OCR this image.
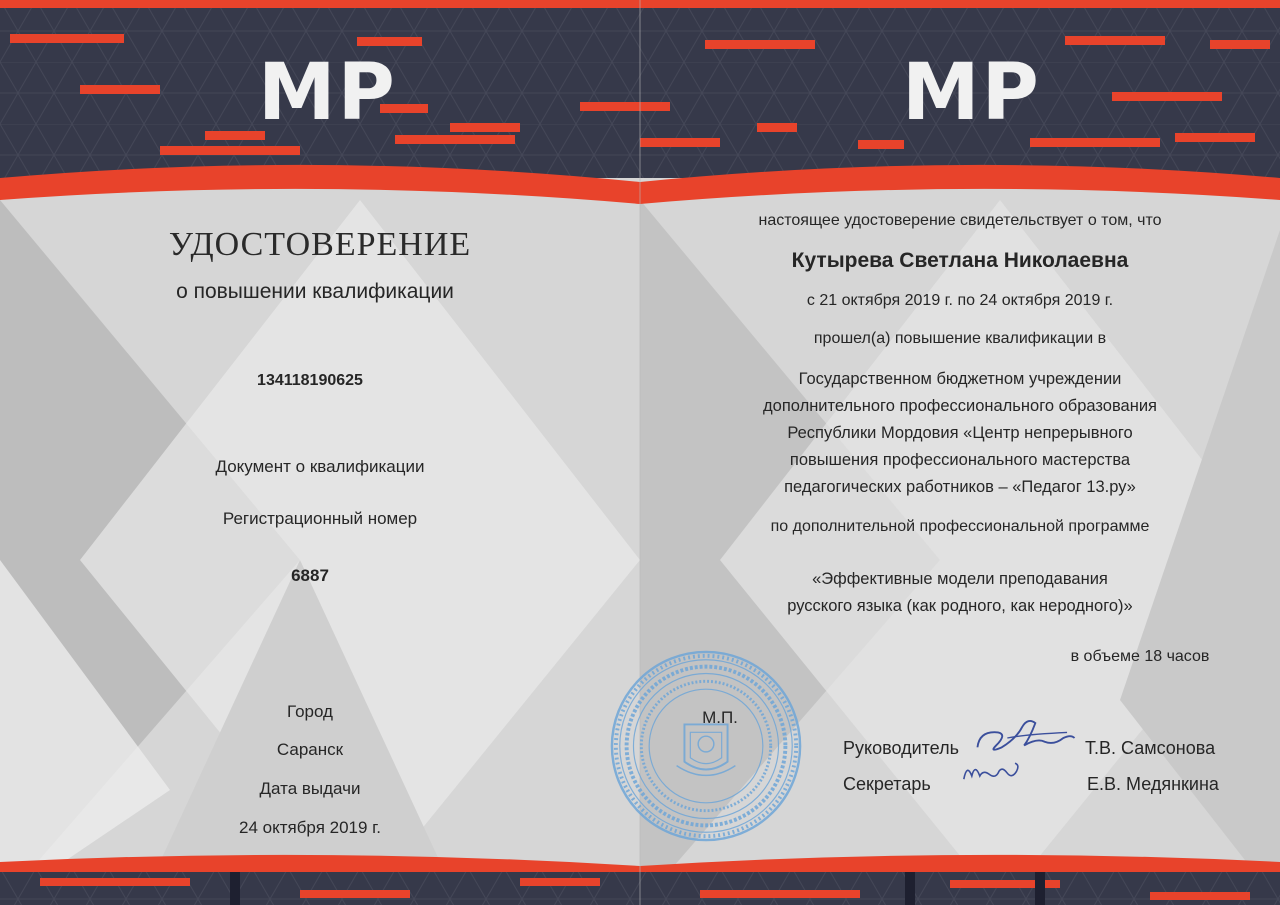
MP	MP
УДОСТОВЕРЕНИЕ
о повышении квалификации
134118190625
Документ о квалификации
Регистрационный номер
6887
Город
Саранск
Дата выдачи
24 октября 2019 г.
настоящее удостоверение свидетельствует о том, что
Кутырева Светлана Николаевна
с 21 октября 2019 г. по 24 октября 2019 г.
прошел(а) повышение квалификации в
Государственном бюджетном учреждении
дополнительного профессионального образования
Республики Мордовия «Центр непрерывного
повышения профессионального мастерства
педагогических работников – «Педагог 13.ру»
по дополнительной профессиональной программе
«Эффективные модели преподавания
русского языка (как родного, как неродного)»
в объеме 18 часов
М.П.
Руководитель	Т.В. Самсонова
Секретарь	Е.В. Медянкина
